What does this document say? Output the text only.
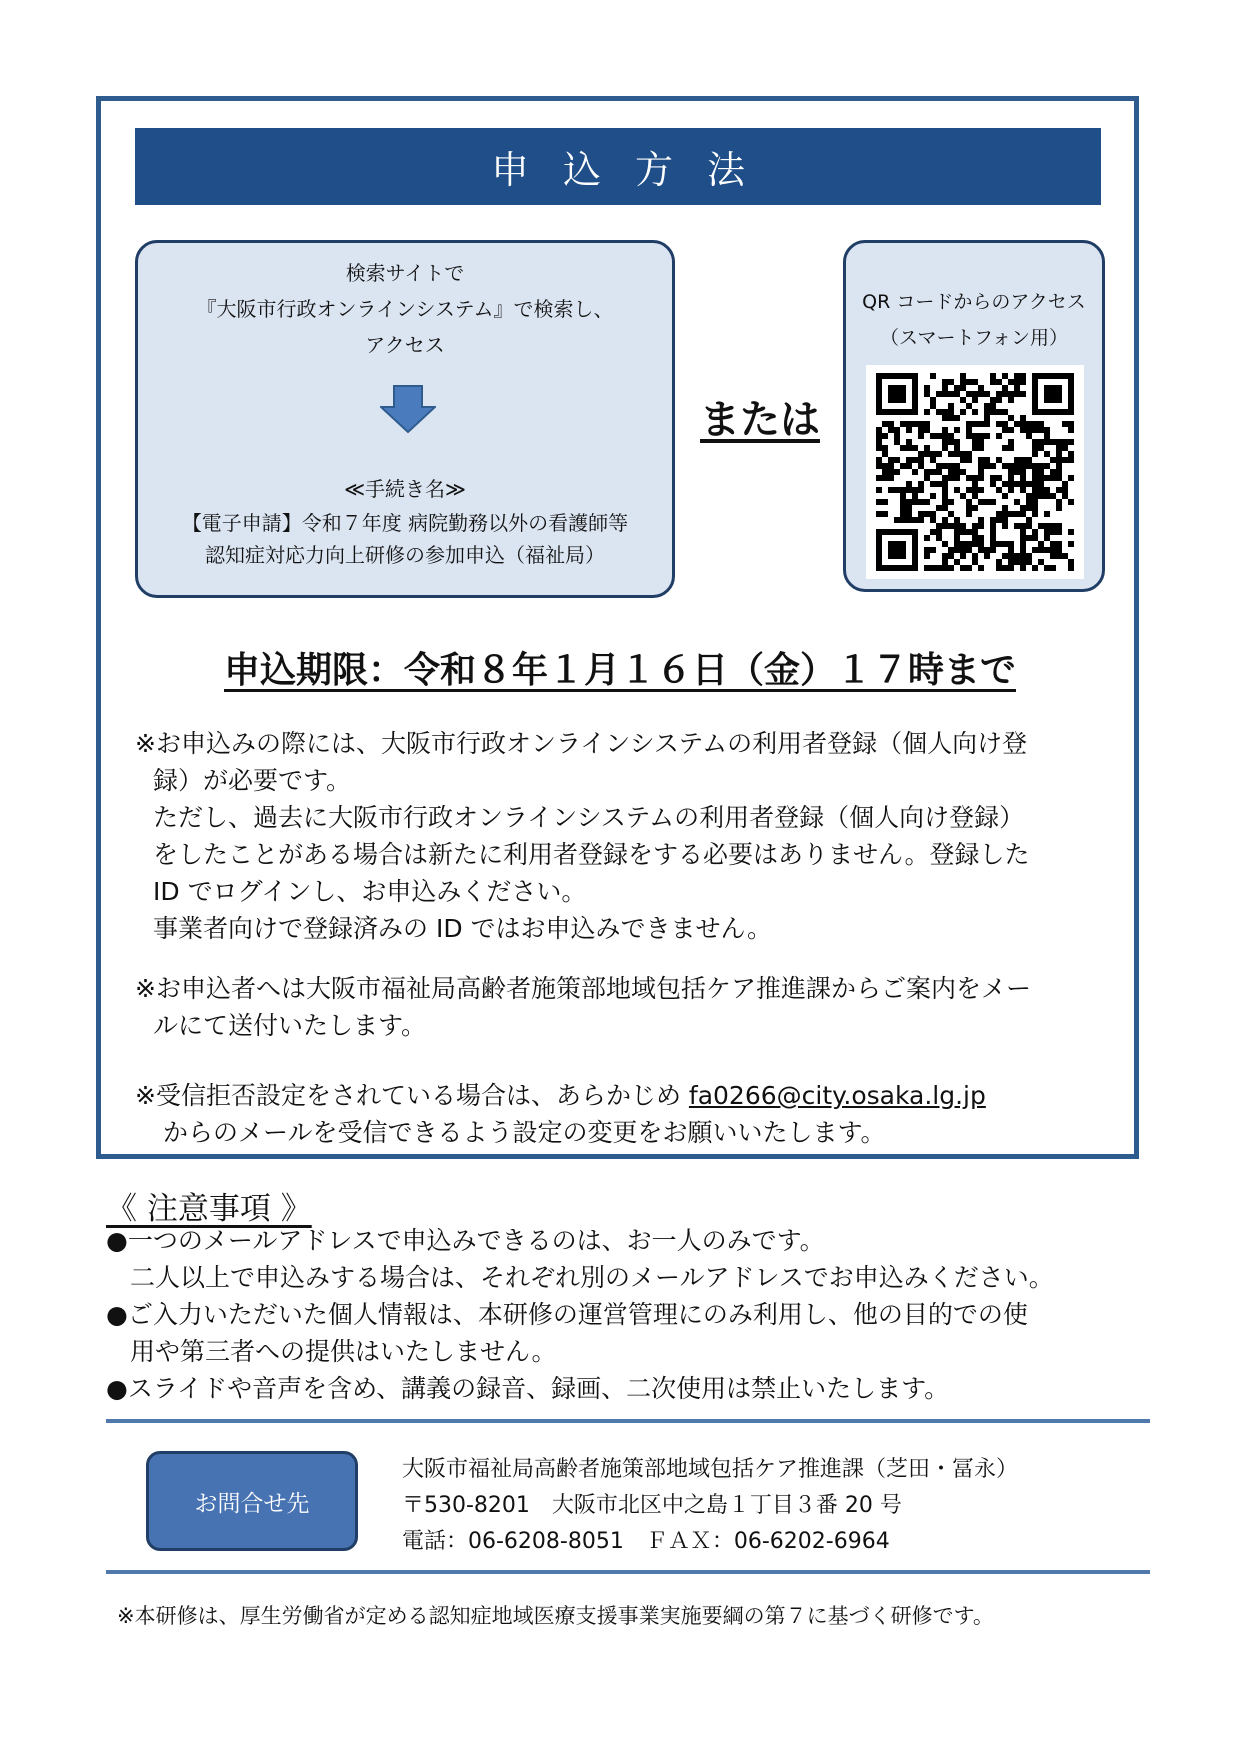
申込方法
検索サイトで
『大阪市行政オンラインシステム』で検索し、
アクセス
≪手続き名≫
【電子申請】令和７年度 病院勤務以外の看護師等
認知症対応力向上研修の参加申込（福祉局）
または
QR コードからのアクセス
（スマートフォン用）
申込期限：令和８年１月１６日（金）１７時まで
※お申込みの際には、大阪市行政オンラインシステムの利用者登録（個人向け登
録）が必要です。
ただし、過去に大阪市行政オンラインシステムの利用者登録（個人向け登録）
をしたことがある場合は新たに利用者登録をする必要はありません。登録した
ID でログインし、お申込みください。
事業者向けで登録済みの ID ではお申込みできません。
※お申込者へは大阪市福祉局高齢者施策部地域包括ケア推進課からご案内をメー
ルにて送付いたします。
※受信拒否設定をされている場合は、あらかじめ fa0266@city.osaka.lg.jp
からのメールを受信できるよう設定の変更をお願いいたします。
《 注意事項 》
●一つのメールアドレスで申込みできるのは、お一人のみです。
二人以上で申込みする場合は、それぞれ別のメールアドレスでお申込みください。
●ご入力いただいた個人情報は、本研修の運営管理にのみ利用し、他の目的での使
用や第三者への提供はいたしません。
●スライドや音声を含め、講義の録音、録画、二次使用は禁止いたします。
お問合せ先
大阪市福祉局高齢者施策部地域包括ケア推進課（芝田・冨永）
〒530-8201　大阪市北区中之島１丁目３番 20 号
電話：06-6208-8051　ＦＡＸ：06-6202-6964
※本研修は、厚生労働省が定める認知症地域医療支援事業実施要綱の第７に基づく研修です。
